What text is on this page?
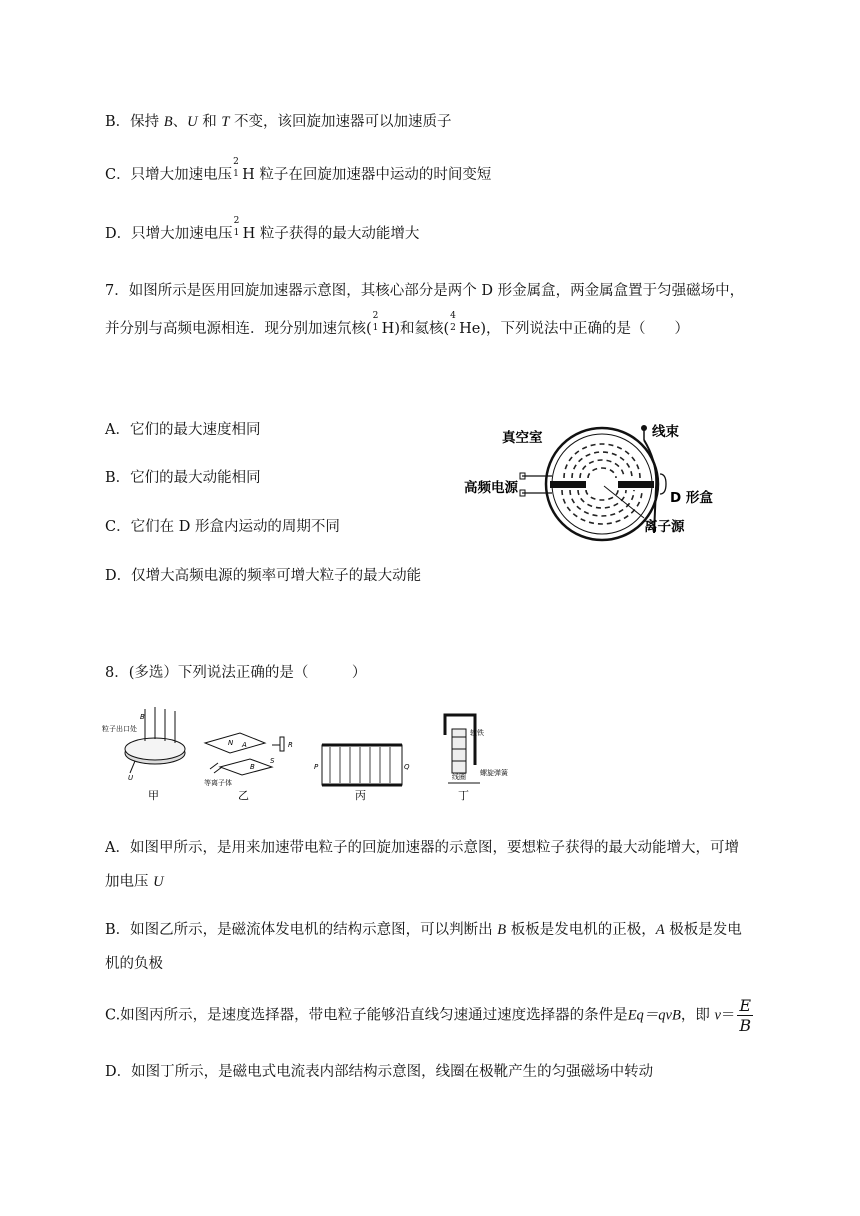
B．保持 B、U 和 T 不变，该回旋加速器可以加速质子
C．只增大加速电压
2
1 H 粒子在回旋加速器中运动的时间变短
D．只增大加速电压
2
1 H 粒子获得的最大动能增大
7．如图所示是医用回旋加速器示意图，其核心部分是两个 D 形金属盒，两金属盒置于匀强磁场中，
并分别与高频电源相连．现分别加速氘核(
2
1 H)和氦核(
4
2 He)，下列说法中正确的是（　　）
A．它们的最大速度相同
B．它们的最大动能相同
C．它们在 D 形盒内运动的周期不同
D．仅增大高频电源的频率可增大粒子的最大动能
真空室	线束
高频电源
D 形盒
离子源
8．(多选）下列说法正确的是（　　　）
B
粒子出口处
U
甲
N A
B
R
S
等离子体
乙
P	Q
丙
软铁
线圈 螺旋弹簧
丁
A．如图甲所示，是用来加速带电粒子的回旋加速器的示意图，要想粒子获得的最大动能增大，可增
加电压 U
B．如图乙所示，是磁流体发电机的结构示意图，可以判断出 B 板板是发电机的正极，A 极板是发电
机的负极
C.如图丙所示，是速度选择器，带电粒子能够沿直线匀速通过速度选择器的条件是Eq＝qvB，即 $v= \frac{E}{B}$
D．如图丁所示，是磁电式电流表内部结构示意图，线圈在极靴产生的匀强磁场中转动
